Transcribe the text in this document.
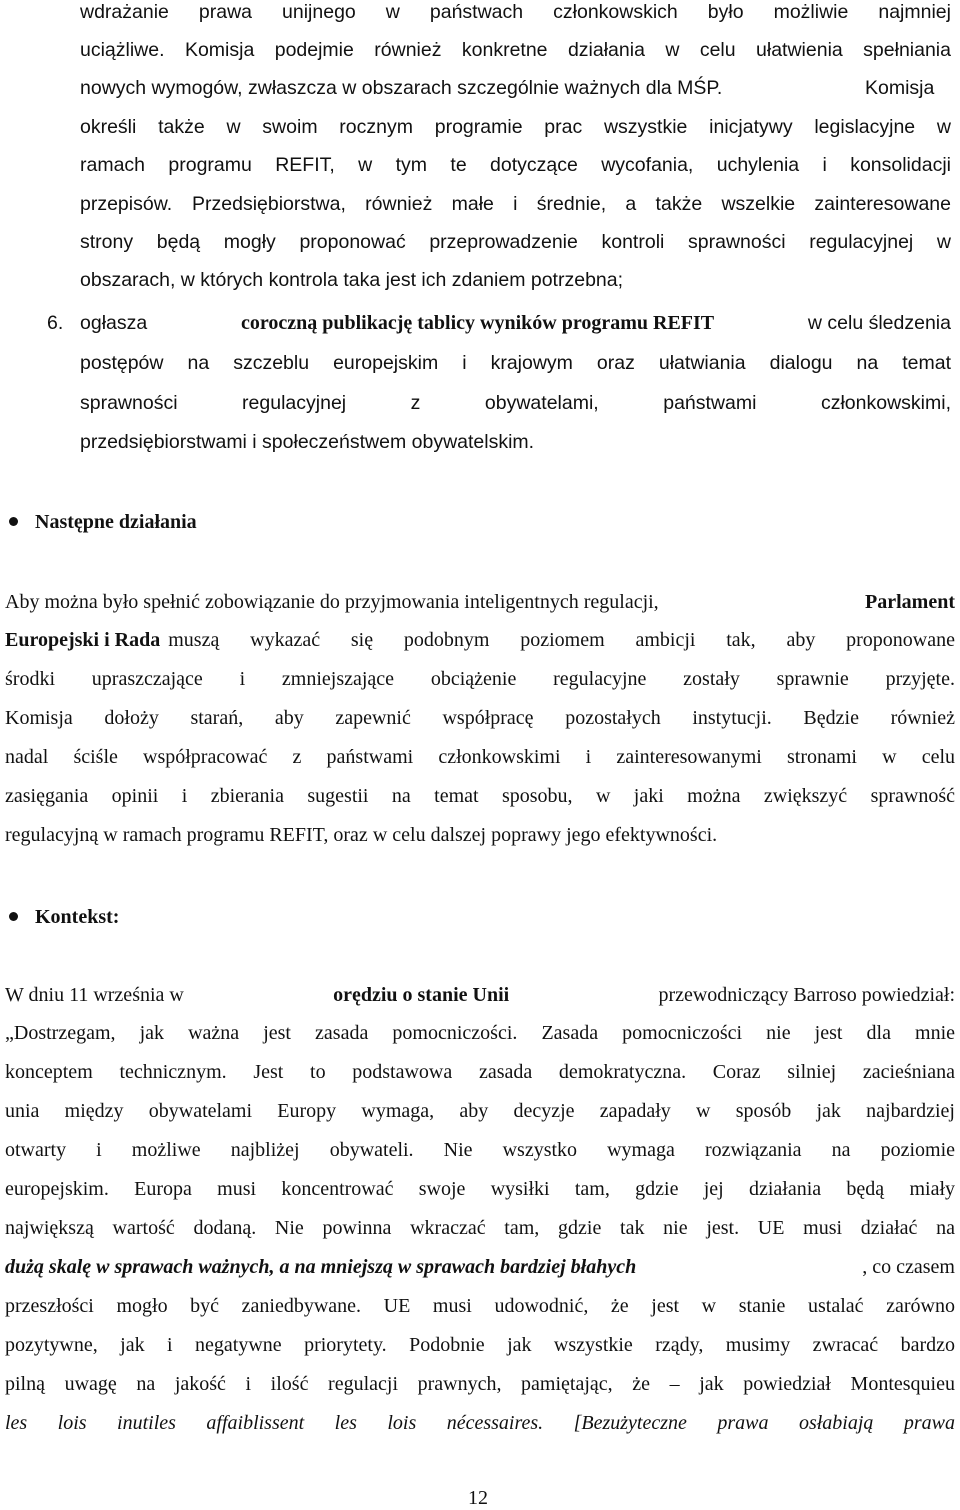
wdrażanie prawa unijnego w państwach członkowskich było możliwie najmniej
uciążliwe. Komisja podejmie również konkretne działania w celu ułatwienia spełniania
nowych wymogów, zwłaszcza w obszarach szczególnie ważnych dla MŚP.	Komisja
określi także w swoim rocznym programie prac wszystkie inicjatywy legislacyjne w
ramach programu REFIT, w tym te dotyczące wycofania, uchylenia i konsolidacji
przepisów. Przedsiębiorstwa, również małe i średnie, a także wszelkie zainteresowane
strony będą mogły proponować przeprowadzenie kontroli sprawności regulacyjnej w
obszarach, w których kontrola taka jest ich zdaniem potrzebna;
6. ogłasza	coroczną publikację tablicy wyników programu REFIT	w celu śledzenia
postępów na szczeblu europejskim i krajowym oraz ułatwiania dialogu na temat
sprawności regulacyjnej z obywatelami, państwami członkowskimi,
przedsiębiorstwami i społeczeństwem obywatelskim.
Następne działania
Aby można było spełnić zobowiązanie do przyjmowania inteligentnych regulacji,	Parlament
Europejski i Rada muszą wykazać się podobnym poziomem ambicji tak, aby proponowane
środki upraszczające i zmniejszające obciążenie regulacyjne zostały sprawnie przyjęte.
Komisja dołoży starań, aby zapewnić współpracę pozostałych instytucji. Będzie również
nadal ściśle współpracować z państwami członkowskimi i zainteresowanymi stronami w celu
zasięgania opinii i zbierania sugestii na temat sposobu, w jaki można zwiększyć sprawność
regulacyjną w ramach programu REFIT, oraz w celu dalszej poprawy jego efektywności.
Kontekst:
W dniu 11 września w	orędziu o stanie Unii	przewodniczący Barroso powiedział:
„Dostrzegam, jak ważna jest zasada pomocniczości. Zasada pomocniczości nie jest dla mnie
konceptem technicznym. Jest to podstawowa zasada demokratyczna. Coraz silniej zacieśniana
unia między obywatelami Europy wymaga, aby decyzje zapadały w sposób jak najbardziej
otwarty i możliwe najbliżej obywateli. Nie wszystko wymaga rozwiązania na poziomie
europejskim. Europa musi koncentrować swoje wysiłki tam, gdzie jej działania będą miały
największą wartość dodaną. Nie powinna wkraczać tam, gdzie tak nie jest. UE musi działać na
dużą skalę w sprawach ważnych, a na mniejszą w sprawach bardziej błahych	, co czasem
przeszłości mogło być zaniedbywane. UE musi udowodnić, że jest w stanie ustalać zarówno
pozytywne, jak i negatywne priorytety. Podobnie jak wszystkie rządy, musimy zwracać bardzo
pilną uwagę na jakość i ilość regulacji prawnych, pamiętając, że – jak powiedział Montesquieu
les lois inutiles affaiblissent les lois nécessaires. [Bezużyteczne prawa osłabiają prawa
12
